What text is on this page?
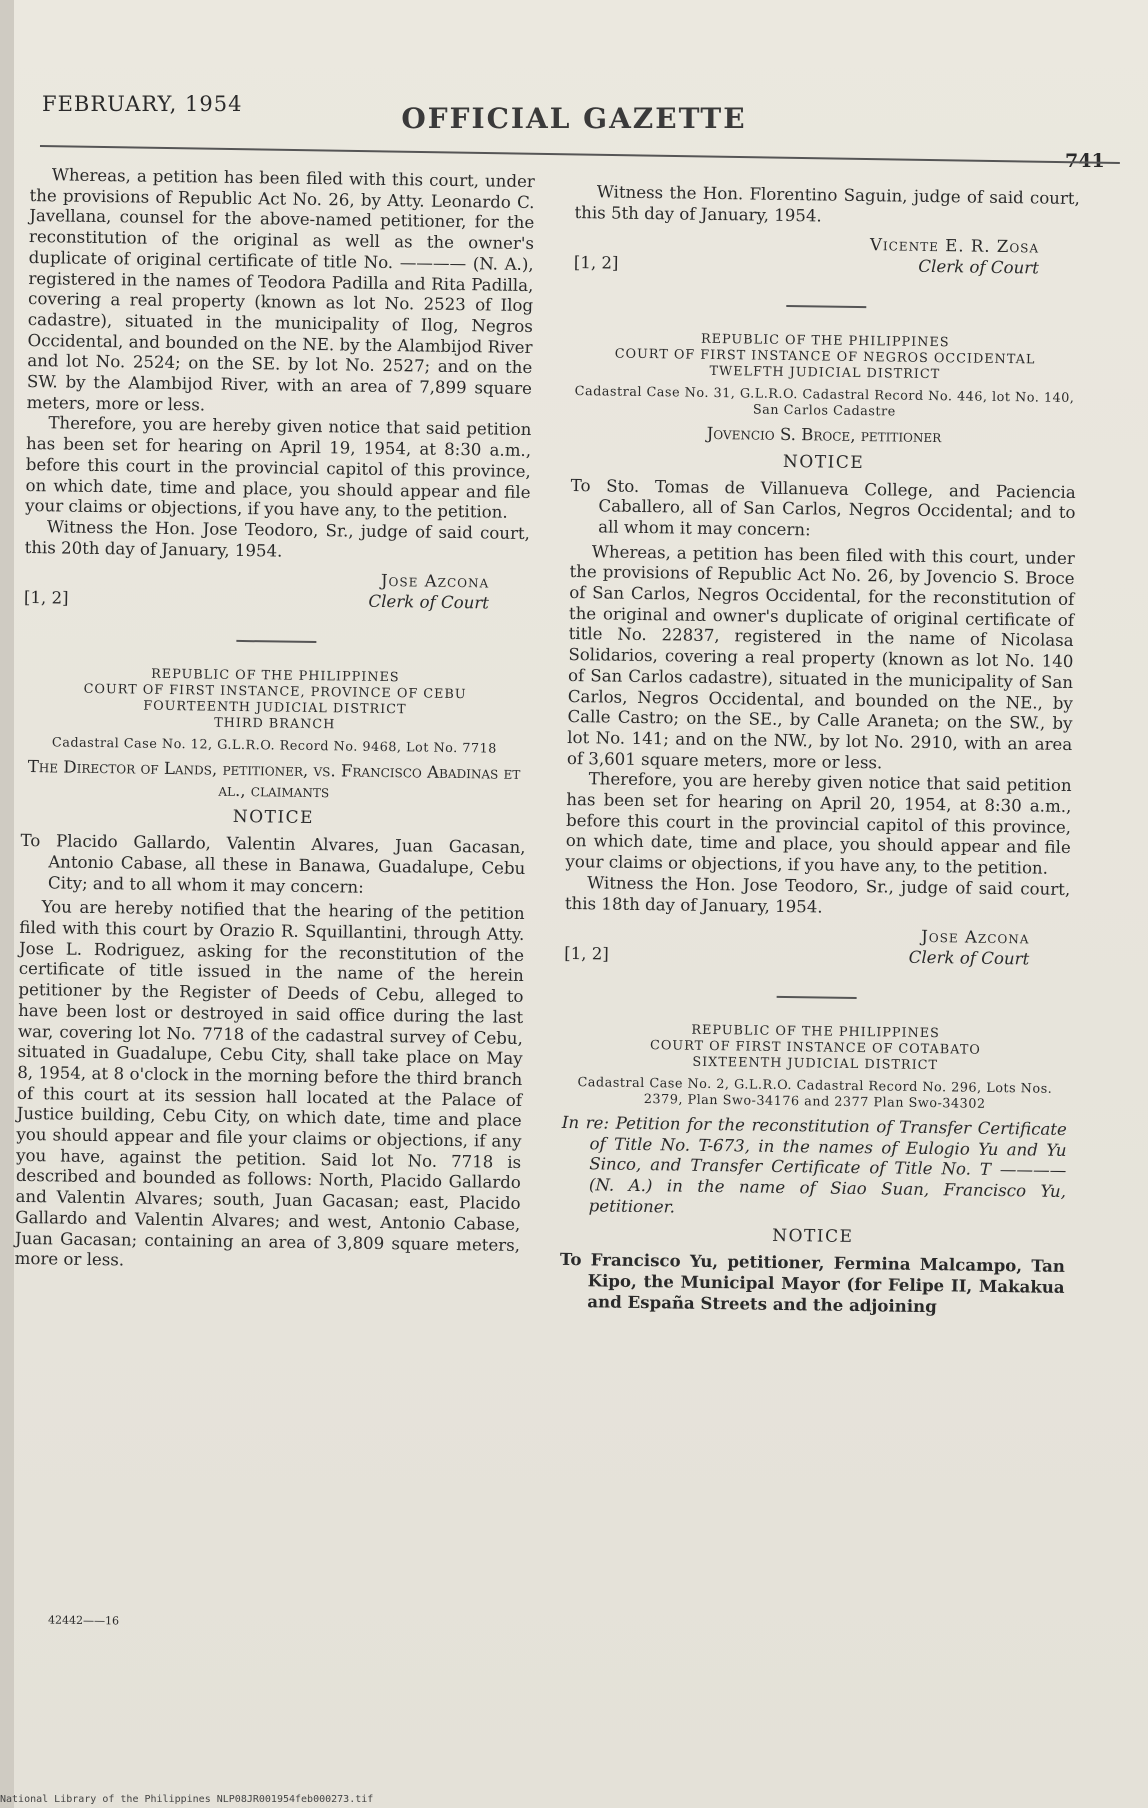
FEBRUARY, 1954	OFFICIAL GAZETTE

Whereas, a petition has been filed with this court, under the provisions of Republic Act No. 26, by Atty. Leonardo C. Javellana, counsel for the above-named petitioner, for the reconstitution of the original as well as the owner's duplicate of original certificate of title No. ———— (N. A.), registered in the names of Teodora Padilla and Rita Padilla, covering a real property (known as lot No. 2523 of Ilog cadastre), situated in the municipality of Ilog, Negros Occidental, and bounded on the NE. by the Alambijod River and lot No. 2524; on the SE. by lot No. 2527; and on the SW. by the Alambijod River, with an area of 7,899 square meters, more or less.

Therefore, you are hereby given notice that said petition has been set for hearing on April 19, 1954, at 8:30 a.m., before this court in the provincial capitol of this province, on which date, time and place, you should appear and file your claims or objections, if you have any, to the petition.

Witness the Hon. Jose Teodoro, Sr., judge of said court, this 20th day of January, 1954.

[1, 2]
Jose Azcona
Clerk of Court
REPUBLIC OF THE PHILIPPINES
COURT OF FIRST INSTANCE, PROVINCE OF CEBU
FOURTEENTH JUDICIAL DISTRICT
THIRD BRANCH
Cadastral Case No. 12, G.L.R.O. Record No. 9468, Lot No. 7718
The Director of Lands, petitioner, vs. Francisco Abadinas et al., claimants
NOTICE
To Placido Gallardo, Valentin Alvares, Juan Gacasan, Antonio Cabase, all these in Banawa, Guadalupe, Cebu City; and to all whom it may concern:

You are hereby notified that the hearing of the petition filed with this court by Orazio R. Squillantini, through Atty. Jose L. Rodriguez, asking for the reconstitution of the certificate of title issued in the name of the herein petitioner by the Register of Deeds of Cebu, alleged to have been lost or destroyed in said office during the last war, covering lot No. 7718 of the cadastral survey of Cebu, situated in Guadalupe, Cebu City, shall take place on May 8, 1954, at 8 o'clock in the morning before the third branch of this court at its session hall located at the Palace of Justice building, Cebu City, on which date, time and place you should appear and file your claims or objections, if any you have, against the petition. Said lot No. 7718 is described and bounded as follows: North, Placido Gallardo and Valentin Alvares; south, Juan Gacasan; east, Placido Gallardo and Valentin Alvares; and west, Antonio Cabase, Juan Gacasan; containing an area of 3,809 square meters, more or less.

42442——16

Witness the Hon. Florentino Saguin, judge of said court, this 5th day of January, 1954.

[1, 2]
Vicente E. R. Zosa
Clerk of Court
REPUBLIC OF THE PHILIPPINES
COURT OF FIRST INSTANCE OF NEGROS OCCIDENTAL
TWELFTH JUDICIAL DISTRICT
Cadastral Case No. 31, G.L.R.O. Cadastral Record No. 446, lot No. 140, San Carlos Cadastre
Jovencio S. Broce, petitioner
NOTICE
To Sto. Tomas de Villanueva College, and Paciencia Caballero, all of San Carlos, Negros Occidental; and to all whom it may concern:

Whereas, a petition has been filed with this court, under the provisions of Republic Act No. 26, by Jovencio S. Broce of San Carlos, Negros Occidental, for the reconstitution of the original and owner's duplicate of original certificate of title No. 22837, registered in the name of Nicolasa Solidarios, covering a real property (known as lot No. 140 of San Carlos cadastre), situated in the municipality of San Carlos, Negros Occidental, and bounded on the NE., by Calle Castro; on the SE., by Calle Araneta; on the SW., by lot No. 141; and on the NW., by lot No. 2910, with an area of 3,601 square meters, more or less.

Therefore, you are hereby given notice that said petition has been set for hearing on April 20, 1954, at 8:30 a.m., before this court in the provincial capitol of this province, on which date, time and place, you should appear and file your claims or objections, if you have any, to the petition.

Witness the Hon. Jose Teodoro, Sr., judge of said court, this 18th day of January, 1954.

[1, 2]
Jose Azcona
Clerk of Court
REPUBLIC OF THE PHILIPPINES
COURT OF FIRST INSTANCE OF COTABATO
SIXTEENTH JUDICIAL DISTRICT
Cadastral Case No. 2, G.L.R.O. Cadastral Record No. 296, Lots Nos. 2379, Plan Swo-34176 and 2377 Plan Swo-34302
In re: Petition for the reconstitution of Transfer Certificate of Title No. T-673, in the names of Eulogio Yu and Yu Sinco, and Transfer Certificate of Title No. T ———— (N. A.) in the name of Siao Suan, Francisco Yu, petitioner.
NOTICE
To Francisco Yu, petitioner, Fermina Malcampo, Tan Kipo, the Municipal Mayor (for Felipe II, Makakua and España Streets and the adjoining
National Library of the Philippines NLP08JR001954feb000273.tif
